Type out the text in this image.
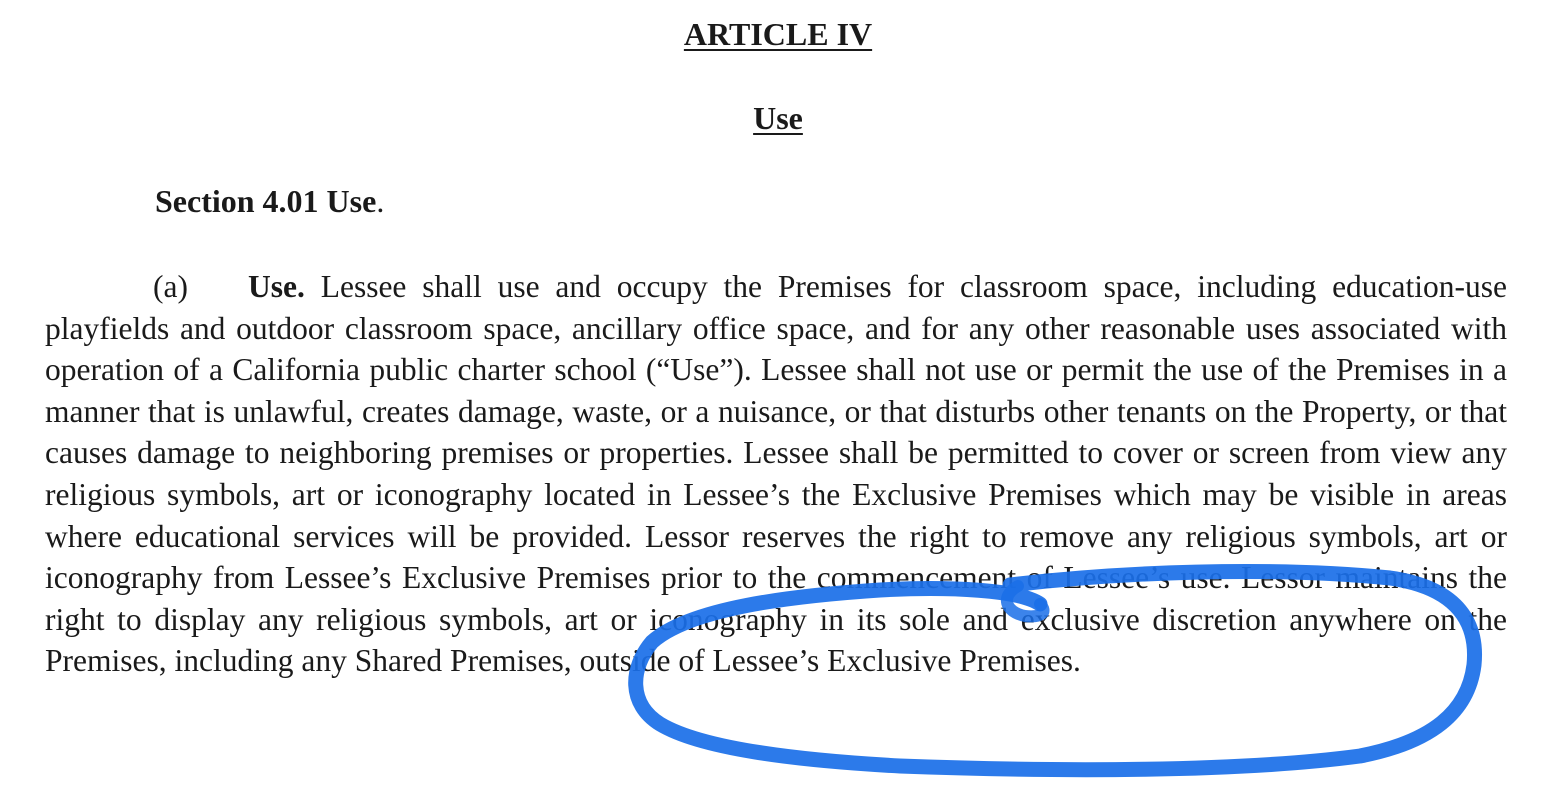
ARTICLE IV
Use

Section 4.01 Use.

(a) Use. Lessee shall use and occupy the Premises for classroom space, including education-use playfields and outdoor classroom space, ancillary office space, and for any other reasonable uses associated with operation of a California public charter school (“Use”). Lessee shall not use or permit the use of the Premises in a manner that is unlawful, creates damage, waste, or a nuisance, or that disturbs other tenants on the Property, or that causes damage to neighboring premises or properties. Lessee shall be permitted to cover or screen from view any religious symbols, art or iconography located in Lessee’s the Exclusive Premises which may be visible in areas where educational services will be provided. Lessor reserves the right to remove any religious symbols, art or iconography from Lessee’s Exclusive Premises prior to the commencement of Lessee’s use. Lessor maintains the right to display any religious symbols, art or iconography in its sole and exclusive discretion anywhere on the Premises, including any Shared Premises, outside of Lessee’s Exclusive Premises.
